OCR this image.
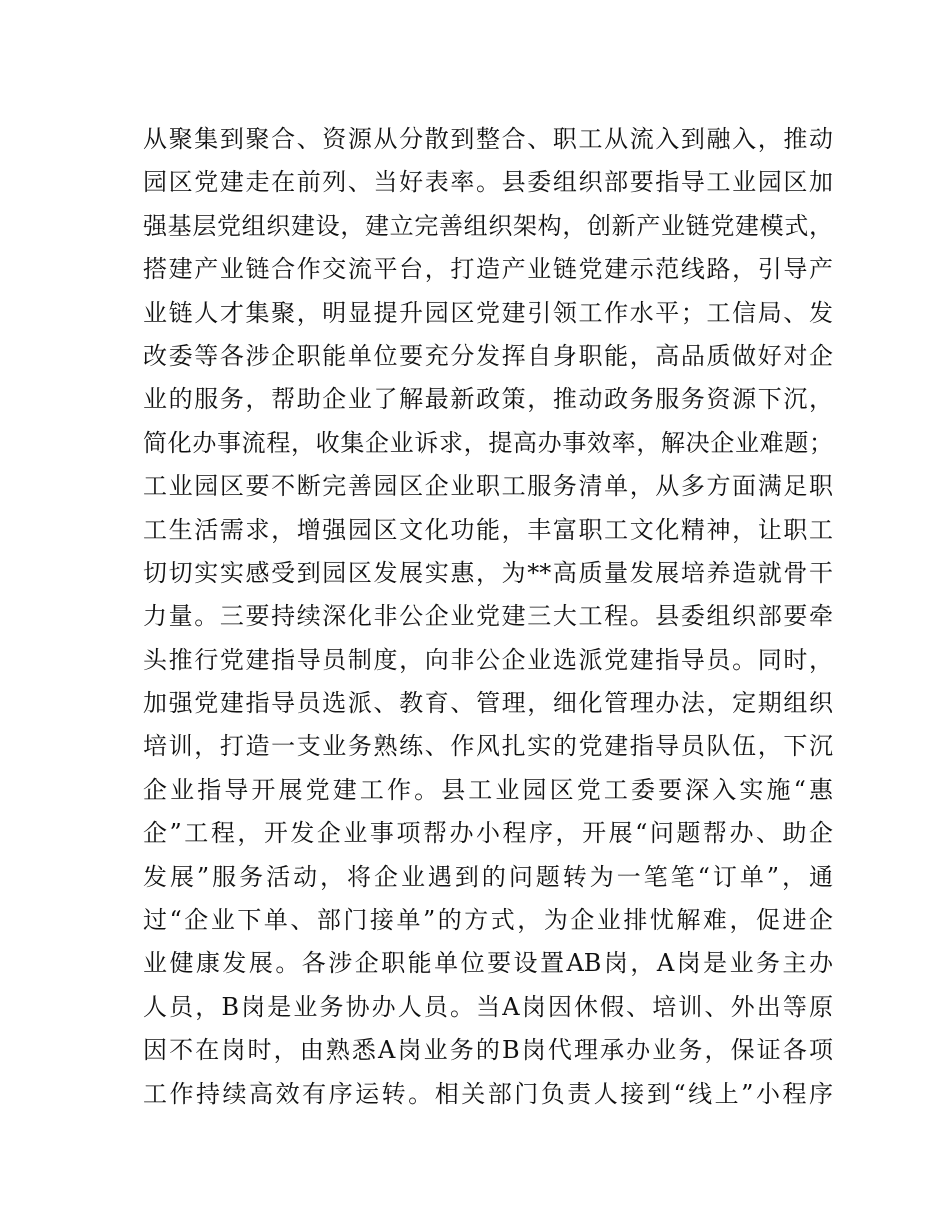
从聚集到聚合、资源从分散到整合、职工从流入到融入，推动
园区党建走在前列、当好表率。县委组织部要指导工业园区加
强基层党组织建设，建立完善组织架构，创新产业链党建模式，
搭建产业链合作交流平台，打造产业链党建示范线路，引导产
业链人才集聚，明显提升园区党建引领工作水平；工信局、发
改委等各涉企职能单位要充分发挥自身职能，高品质做好对企
业的服务，帮助企业了解最新政策，推动政务服务资源下沉，
简化办事流程，收集企业诉求，提高办事效率，解决企业难题；
工业园区要不断完善园区企业职工服务清单，从多方面满足职
工生活需求，增强园区文化功能，丰富职工文化精神，让职工
切切实实感受到园区发展实惠，为**高质量发展培养造就骨干
力量。三要持续深化非公企业党建三大工程。县委组织部要牵
头推行党建指导员制度，向非公企业选派党建指导员。同时，
加强党建指导员选派、教育、管理，细化管理办法，定期组织
培训，打造一支业务熟练、作风扎实的党建指导员队伍，下沉
企业指导开展党建工作。县工业园区党工委要深入实施“惠
企”工程，开发企业事项帮办小程序，开展“问题帮办、助企
发展”服务活动，将企业遇到的问题转为一笔笔“订单”，通
过“企业下单、部门接单”的方式，为企业排忧解难，促进企
业健康发展。各涉企职能单位要设置AB岗，A岗是业务主办
人员，B岗是业务协办人员。当A岗因休假、培训、外出等原
因不在岗时，由熟悉A岗业务的B岗代理承办业务，保证各项
工作持续高效有序运转。相关部门负责人接到“线上”小程序
